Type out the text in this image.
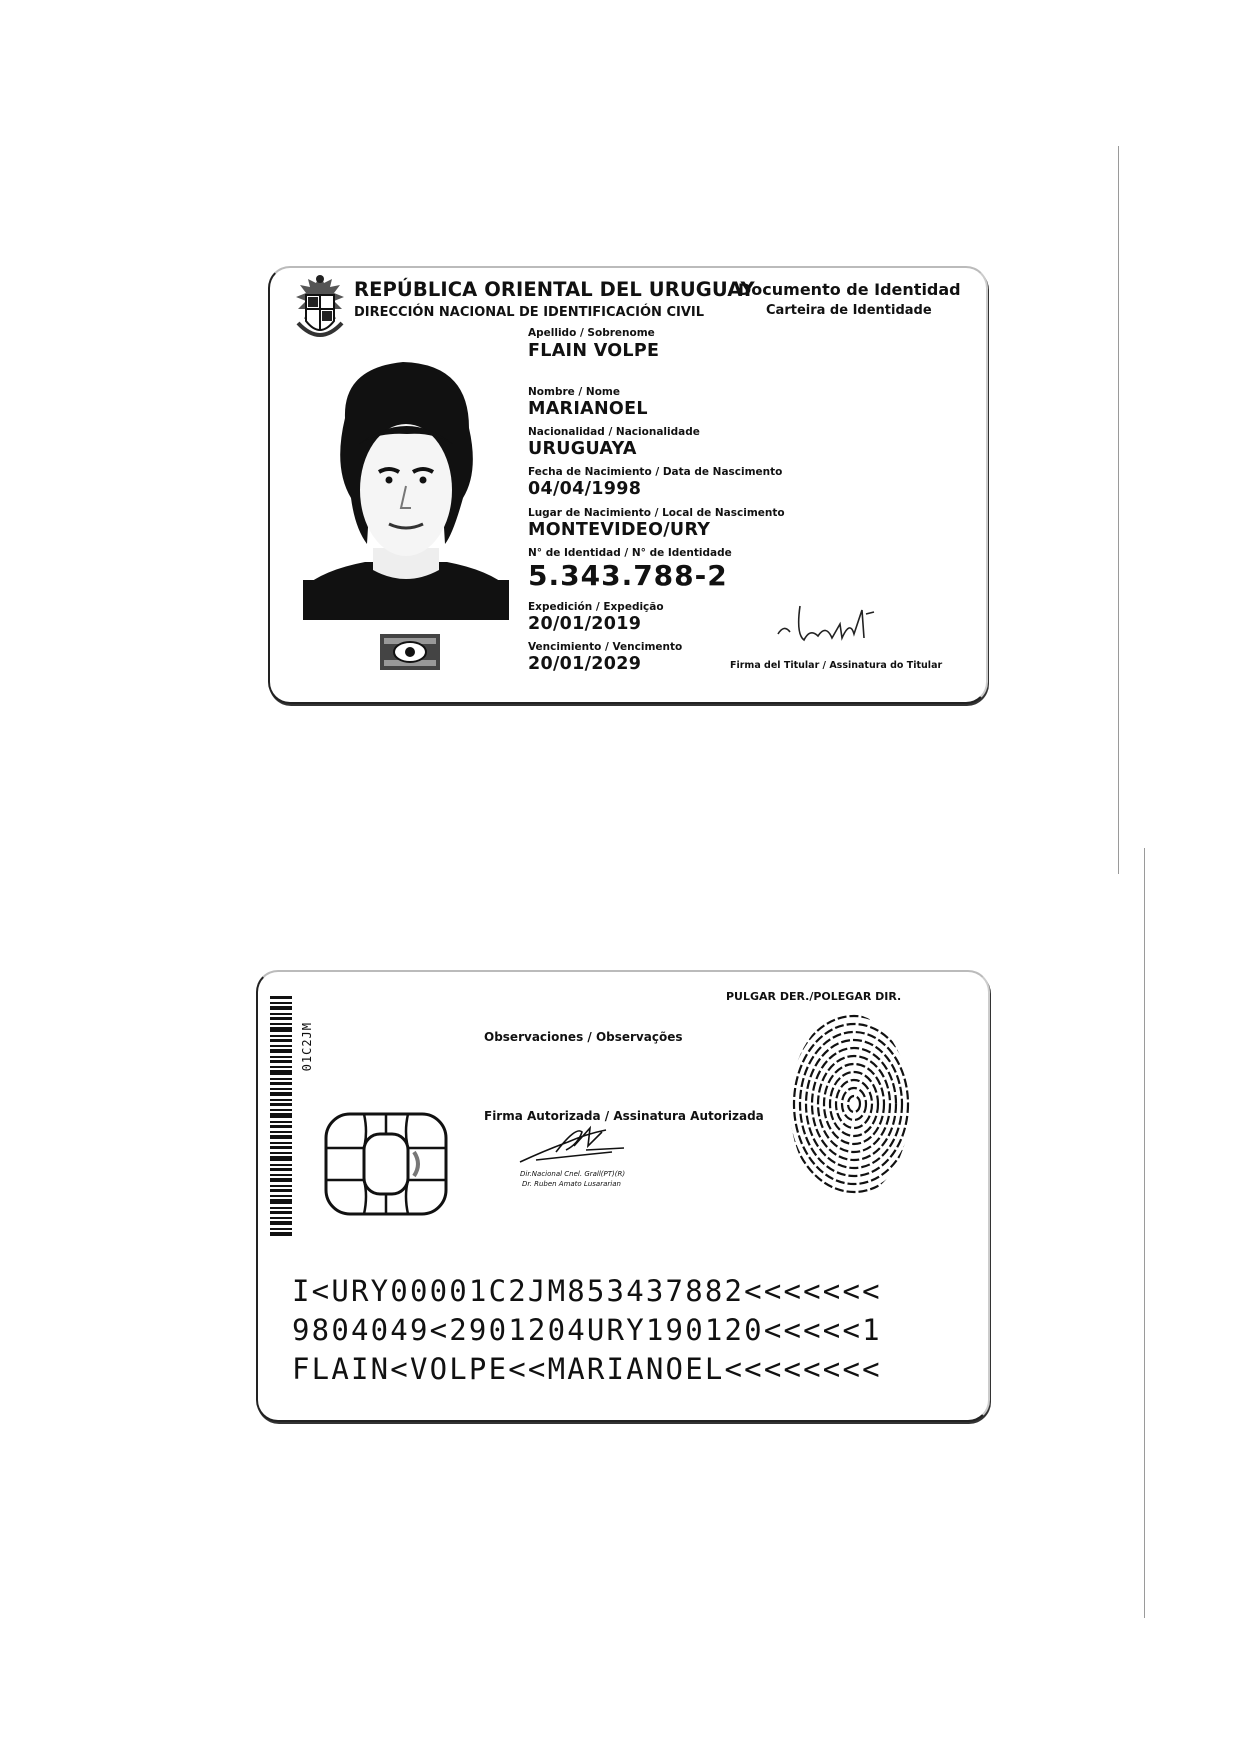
REPÚBLICA ORIENTAL DEL URUGUAY
DIRECCIÓN NACIONAL DE IDENTIFICACIÓN CIVIL
Documento de Identidad
Carteira de Identidade
Apellido / Sobrenome
FLAIN VOLPE
Nombre / Nome
MARIANOEL
Nacionalidad / Nacionalidade
URUGUAYA
Fecha de Nacimiento / Data de Nascimento
04/04/1998
Lugar de Nacimiento / Local de Nascimento
MONTEVIDEO/URY
N° de Identidad / N° de Identidade
5.343.788-2
Expedición / Expedição
20/01/2019
Vencimiento / Vencimento
20/01/2029	Firma del Titular / Assinatura do Titular
01C2JM	Observaciones / Observações
Firma Autorizada / Assinatura Autorizada
Dir.Nacional Cnel. Grall(PT)(R)
Dr. Ruben Amato Lusararian
PULGAR DER./POLEGAR DIR.
I<URY00001C2JM853437882<<<<<<<
9804049<2901204URY190120<<<<<1
FLAIN<VOLPE<<MARIANOEL<<<<<<<<
